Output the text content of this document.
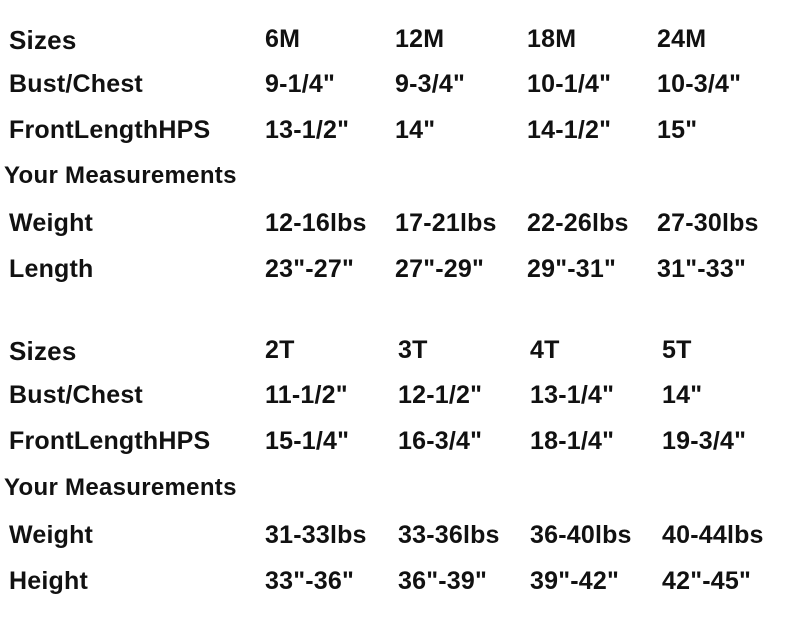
Sizes	6M	12M	18M	24M
Bust/Chest	9-1/4" 9-3/4" 10-1/4" 10-3/4"
FrontLengthHPS 13-1/2" 14"	14-1/2" 15"
Your Measurements
Weight	12-16lbs 17-21lbs 22-26lbs 27-30lbs
Length	23"-27" 27"-29" 29"-31" 31"-33"
Sizes	2T	3T	4T	5T
Bust/Chest	11-1/2" 12-1/2" 13-1/4" 14"
FrontLengthHPS 15-1/4" 16-3/4" 18-1/4" 19-3/4"
Your Measurements
Weight	31-33lbs 33-36lbs 36-40lbs 40-44lbs
Height	33"-36" 36"-39" 39"-42" 42"-45"
